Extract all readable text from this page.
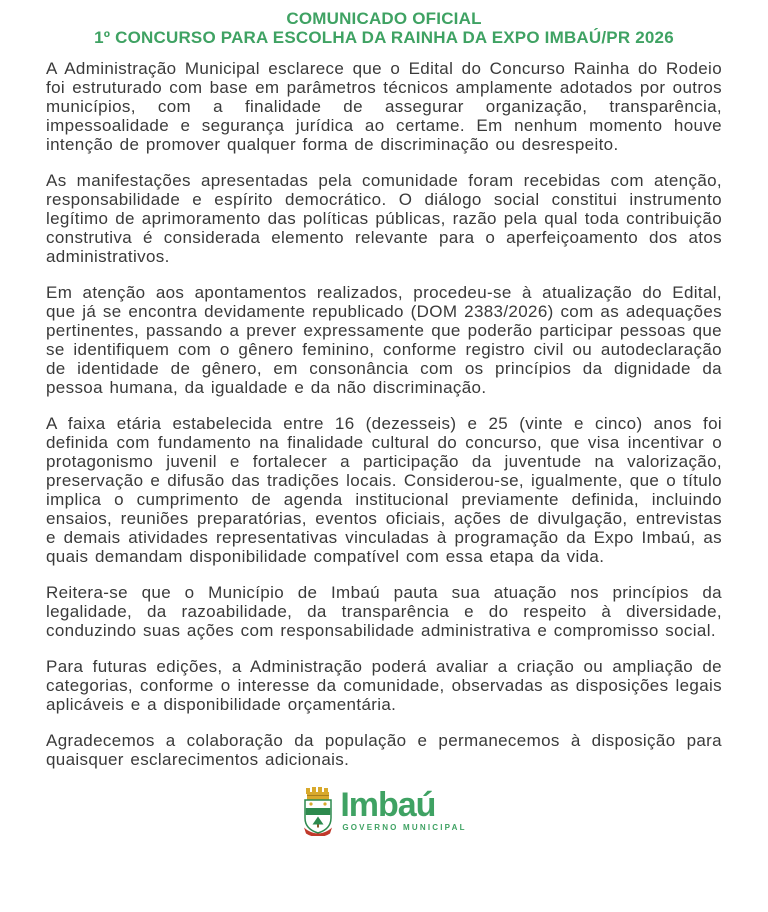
COMUNICADO OFICIAL
1º CONCURSO PARA ESCOLHA DA RAINHA DA EXPO IMBAÚ/PR 2026

A Administração Municipal esclarece que o Edital do Concurso Rainha do Rodeio foi estruturado com base em parâmetros técnicos amplamente adotados por outros municípios, com a finalidade de assegurar organização, transparência, impessoalidade e segurança jurídica ao certame. Em nenhum momento houve intenção de promover qualquer forma de discriminação ou desrespeito.

As manifestações apresentadas pela comunidade foram recebidas com atenção, responsabilidade e espírito democrático. O diálogo social constitui instrumento legítimo de aprimoramento das políticas públicas, razão pela qual toda contribuição construtiva é considerada elemento relevante para o aperfeiçoamento dos atos administrativos.

Em atenção aos apontamentos realizados, procedeu-se à atualização do Edital, que já se encontra devidamente republicado (DOM 2383/2026) com as adequações pertinentes, passando a prever expressamente que poderão participar pessoas que se identifiquem com o gênero feminino, conforme registro civil ou autodeclaração de identidade de gênero, em consonância com os princípios da dignidade da pessoa humana, da igualdade e da não discriminação.

A faixa etária estabelecida entre 16 (dezesseis) e 25 (vinte e cinco) anos foi definida com fundamento na finalidade cultural do concurso, que visa incentivar o protagonismo juvenil e fortalecer a participação da juventude na valorização, preservação e difusão das tradições locais. Considerou-se, igualmente, que o título implica o cumprimento de agenda institucional previamente definida, incluindo ensaios, reuniões preparatórias, eventos oficiais, ações de divulgação, entrevistas e demais atividades representativas vinculadas à programação da Expo Imbaú, as quais demandam disponibilidade compatível com essa etapa da vida.

Reitera-se que o Município de Imbaú pauta sua atuação nos princípios da legalidade, da razoabilidade, da transparência e do respeito à diversidade, conduzindo suas ações com responsabilidade administrativa e compromisso social.

Para futuras edições, a Administração poderá avaliar a criação ou ampliação de categorias, conforme o interesse da comunidade, observadas as disposições legais aplicáveis e a disponibilidade orçamentária.

Agradecemos a colaboração da população e permanecemos à disposição para quaisquer esclarecimentos adicionais.

Imbaú
GOVERNO MUNICIPAL
